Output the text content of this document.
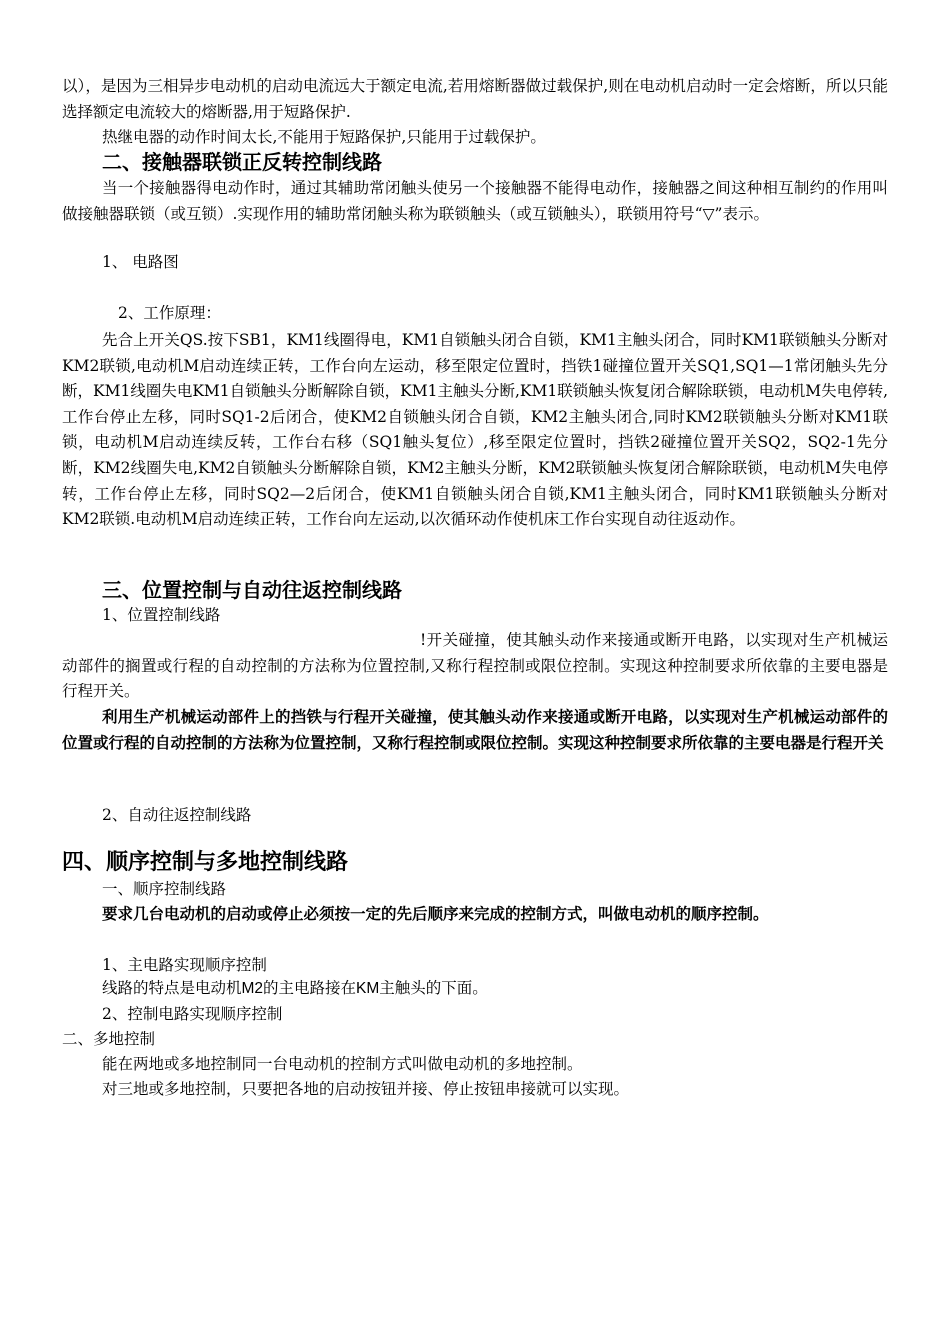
以），是因为三相异步电动机的启动电流远大于额定电流,若用熔断器做过载保护,则在电动机启动时一定会熔断，所以只能选择额定电流较大的熔断器,用于短路保护.

热继电器的动作时间太长,不能用于短路保护,只能用于过载保护。
二、接触器联锁正反转控制线路

当一个接触器得电动作时，通过其辅助常闭触头使另一个接触器不能得电动作，接触器之间这种相互制约的作用叫做接触器联锁（或互锁）.实现作用的辅助常闭触头称为联锁触头（或互锁触头），联锁用符号“▽”表示。

1、 电路图
2、工作原理：

先合上开关QS.按下SB1，KM1线圈得电，KM1自锁触头闭合自锁，KM1主触头闭合，同时KM1联锁触头分断对KM2联锁,电动机M启动连续正转，工作台向左运动，移至限定位置时，挡铁1碰撞位置开关SQ1,SQ1—1常闭触头先分断，KM1线圈失电KM1自锁触头分断解除自锁，KM1主触头分断,KM1联锁触头恢复闭合解除联锁，电动机M失电停转,工作台停止左移，同时SQ1-2后闭合，使KM2自锁触头闭合自锁，KM2主触头闭合,同时KM2联锁触头分断对KM1联锁，电动机M启动连续反转，工作台右移（SQ1触头复位）,移至限定位置时，挡铁2碰撞位置开关SQ2，SQ2-1先分断，KM2线圈失电,KM2自锁触头分断解除自锁，KM2主触头分断，KM2联锁触头恢复闭合解除联锁，电动机M失电停转，工作台停止左移，同时SQ2—2后闭合，使KM1自锁触头闭合自锁,KM1主触头闭合，同时KM1联锁触头分断对KM2联锁.电动机M启动连续正转，工作台向左运动,以次循环动作使机床工作台实现自动往返动作。

三、位置控制与自动往返控制线路
1、位置控制线路

!开关碰撞，使其触头动作来接通或断开电路，以实现对生产机械运动部件的搁置或行程的自动控制的方法称为位置控制,又称行程控制或限位控制。实现这种控制要求所依靠的主要电器是行程开关。

利用生产机械运动部件上的挡铁与行程开关碰撞，使其触头动作来接通或断开电路，以实现对生产机械运动部件的位置或行程的自动控制的方法称为位置控制，又称行程控制或限位控制。实现这种控制要求所依靠的主要电器是行程开关

2、自动往返控制线路
四、顺序控制与多地控制线路
一、顺序控制线路

要求几台电动机的启动或停止必须按一定的先后顺序来完成的控制方式，叫做电动机的顺序控制。

1、主电路实现顺序控制
线路的特点是电动机M2的主电路接在KM主触头的下面。
2、控制电路实现顺序控制
二、多地控制
能在两地或多地控制同一台电动机的控制方式叫做电动机的多地控制。
对三地或多地控制，只要把各地的启动按钮并接、停止按钮串接就可以实现。
